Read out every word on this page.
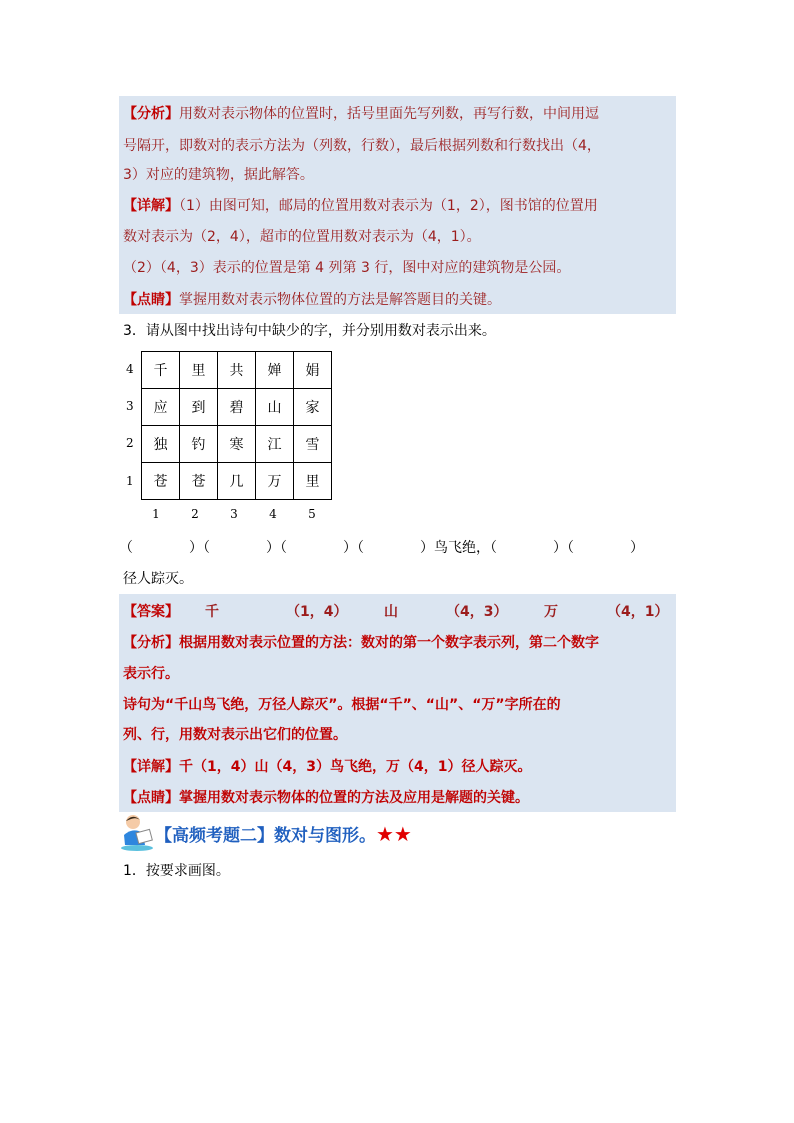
【分析】用数对表示物体的位置时，括号里面先写列数，再写行数，中间用逗
号隔开，即数对的表示方法为（列数，行数），最后根据列数和行数找出（4，
3）对应的建筑物，据此解答。
【详解】（1）由图可知，邮局的位置用数对表示为（1，2），图书馆的位置用
数对表示为（2，4），超市的位置用数对表示为（4，1）。
（2）（4，3）表示的位置是第 4 列第 3 行，图中对应的建筑物是公园。
【点睛】掌握用数对表示物体位置的方法是解答题目的关键。
3．请从图中找出诗句中缺少的字，并分别用数对表示出来。
4
3
2
1
千	里	共	婵	娟
应	到	碧	山	家
独	钓	寒	江	雪
苍	苍	几	万	里
1	2	3	4	5
（　　　　）（　　　　）（　　　　）（　　　　）鸟飞绝，（　　　　）（　　　　）
径人踪灭。
【答案】 千	（1，4）	山	（4，3）	万	（4，1）
【分析】根据用数对表示位置的方法：数对的第一个数字表示列，第二个数字
表示行。
诗句为“千山鸟飞绝，万径人踪灭”。根据“千”、“山”、“万”字所在的
列、行，用数对表示出它们的位置。
【详解】千（1，4）山（4，3）鸟飞绝，万（4，1）径人踪灭。
【点睛】掌握用数对表示物体的位置的方法及应用是解题的关键。
【高频考题二】数对与图形。★★
1．按要求画图。
